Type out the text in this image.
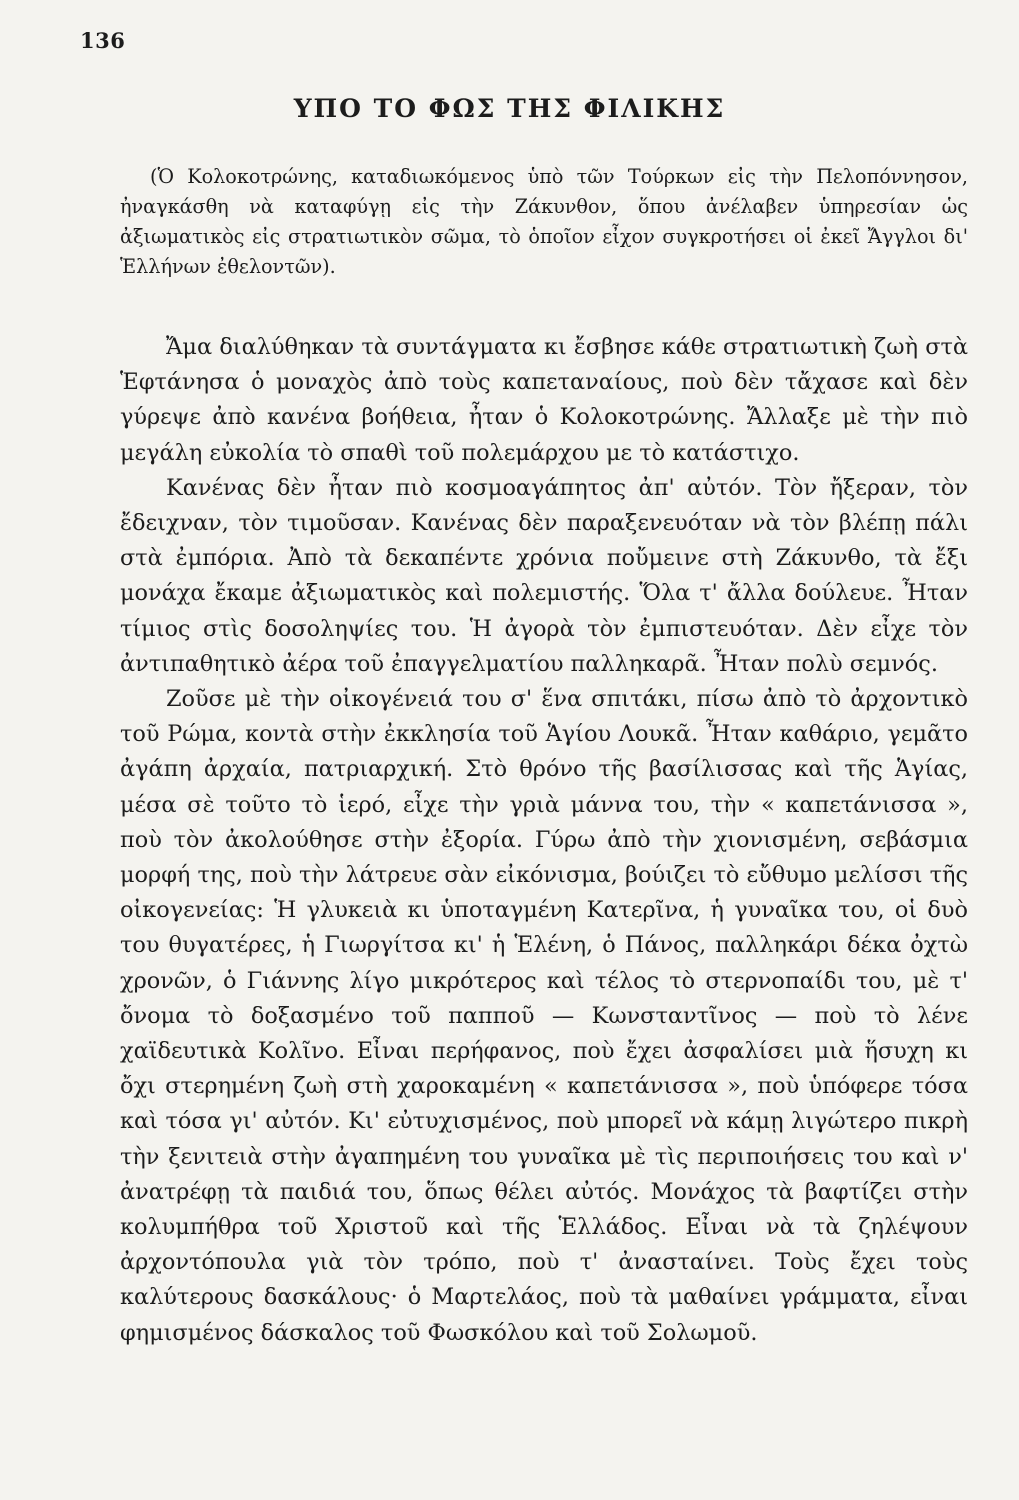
136
ΥΠΟ ΤΟ ΦΩΣ ΤΗΣ ΦΙΛΙΚΗΣ

(Ὁ Κολοκοτρώνης, καταδιωκόμενος ὑπὸ τῶν Τούρκων εἰς τὴν Πελοπόννησον, ἠναγκάσθη νὰ καταφύγῃ εἰς τὴν Ζάκυνθον, ὅπου ἀνέλαβεν ὑπηρεσίαν ὡς ἀξιωματικὸς εἰς στρατιωτικὸν σῶμα, τὸ ὁποῖον εἶχον συγκροτήσει οἱ ἐκεῖ Ἄγγλοι δι' Ἑλλήνων ἐθελοντῶν).

Ἄμα διαλύθηκαν τὰ συντάγματα κι ἔσβησε κάθε στρατιωτικὴ ζωὴ στὰ Ἑφτάνησα ὁ μοναχὸς ἀπὸ τοὺς καπεταναίους, ποὺ δὲν τἄχασε καὶ δὲν γύρεψε ἀπὸ κανένα βοήθεια, ἦταν ὁ Κολοκοτρώνης. Ἄλλαξε μὲ τὴν πιὸ μεγάλη εὐκολία τὸ σπαθὶ τοῦ πολεμάρχου με τὸ κατάστιχο.

Κανένας δὲν ἦταν πιὸ κοσμοαγάπητος ἀπ' αὐτόν. Τὸν ἤξεραν, τὸν ἔδειχναν, τὸν τιμοῦσαν. Κανένας δὲν παραξενευόταν νὰ τὸν βλέπῃ πάλι στὰ ἐμπόρια. Ἀπὸ τὰ δεκαπέντε χρόνια ποὔμεινε στὴ Ζάκυνθο, τὰ ἔξι μονάχα ἔκαμε ἀξιωματικὸς καὶ πολεμιστής. Ὅλα τ' ἄλλα δούλευε. Ἦταν τίμιος στὶς δοσοληψίες του. Ἡ ἀγορὰ τὸν ἐμπιστευόταν. Δὲν εἶχε τὸν ἀντιπαθητικὸ ἀέρα τοῦ ἐπαγγελματίου παλληκαρᾶ. Ἦταν πολὺ σεμνός.

Ζοῦσε μὲ τὴν οἰκογένειά του σ' ἕνα σπιτάκι, πίσω ἀπὸ τὸ ἀρχοντικὸ τοῦ Ρώμα, κοντὰ στὴν ἐκκλησία τοῦ Ἁγίου Λουκᾶ. Ἦταν καθάριο, γεμᾶτο ἀγάπη ἀρχαία, πατριαρχική. Στὸ θρόνο τῆς βασίλισσας καὶ τῆς Ἁγίας, μέσα σὲ τοῦτο τὸ ἱερό, εἶχε τὴν γριὰ μάννα του, τὴν « καπετάνισσα », ποὺ τὸν ἀκολούθησε στὴν ἐξορία. Γύρω ἀπὸ τὴν χιονισμένη, σεβάσμια μορφή της, ποὺ τὴν λάτρευε σὰν εἰκόνισμα, βούιζει τὸ εὔθυμο μελίσσι τῆς οἰκογενείας: Ἡ γλυκειὰ κι ὑποταγμένη Κατερῖνα, ἡ γυναῖκα του, οἱ δυὸ του θυγατέρες, ἡ Γιωργίτσα κι' ἡ Ἑλένη, ὁ Πάνος, παλληκάρι δέκα ὀχτὼ χρονῶν, ὁ Γιάννης λίγο μικρότερος καὶ τέλος τὸ στερνοπαίδι του, μὲ τ' ὄνομα τὸ δοξασμένο τοῦ παπποῦ — Κωνσταντῖνος — ποὺ τὸ λένε χαϊδευτικὰ Κολῖνο. Εἶναι περήφανος, ποὺ ἔχει ἀσφαλίσει μιὰ ἥσυχη κι ὄχι στερημένη ζωὴ στὴ χαροκαμένη « καπετάνισσα », ποὺ ὑπόφερε τόσα καὶ τόσα γι' αὐτόν. Κι' εὐτυχισμένος, ποὺ μπορεῖ νὰ κάμῃ λιγώτερο πικρὴ τὴν ξενιτειὰ στὴν ἀγαπημένη του γυναῖκα μὲ τὶς περιποιήσεις του καὶ ν' ἀνατρέφῃ τὰ παιδιά του, ὅπως θέλει αὐτός. Μονάχος τὰ βαφτίζει στὴν κολυμπήθρα τοῦ Χριστοῦ καὶ τῆς Ἑλλάδος. Εἶναι νὰ τὰ ζηλέψουν ἀρχοντόπουλα γιὰ τὸν τρόπο, ποὺ τ' ἀνασταίνει. Τοὺς ἔχει τοὺς καλύτερους δασκάλους· ὁ Μαρτελάος, ποὺ τὰ μαθαίνει γράμματα, εἶναι φημισμένος δάσκαλος τοῦ Φωσκόλου καὶ τοῦ Σολωμοῦ.
